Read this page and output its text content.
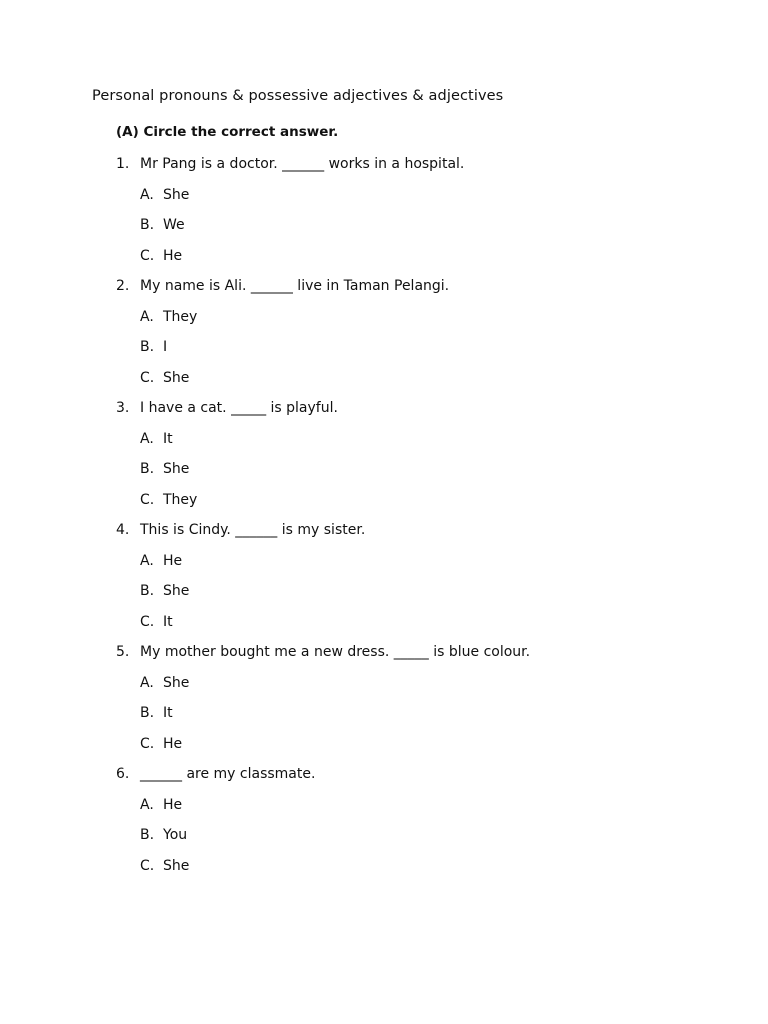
Personal pronouns & possessive adjectives & adjectives
(A) Circle the correct answer.
1. Mr Pang is a doctor. ______ works in a hospital.
A. She
B. We
C. He
2. My name is Ali. ______ live in Taman Pelangi.
A. They
B. I
C. She
3. I have a cat. _____ is playful.
A. It
B. She
C. They
4. This is Cindy. ______ is my sister.
A. He
B. She
C. It
5. My mother bought me a new dress. _____ is blue colour.
A. She
B. It
C. He
6. ______ are my classmate.
A. He
B. You
C. She
